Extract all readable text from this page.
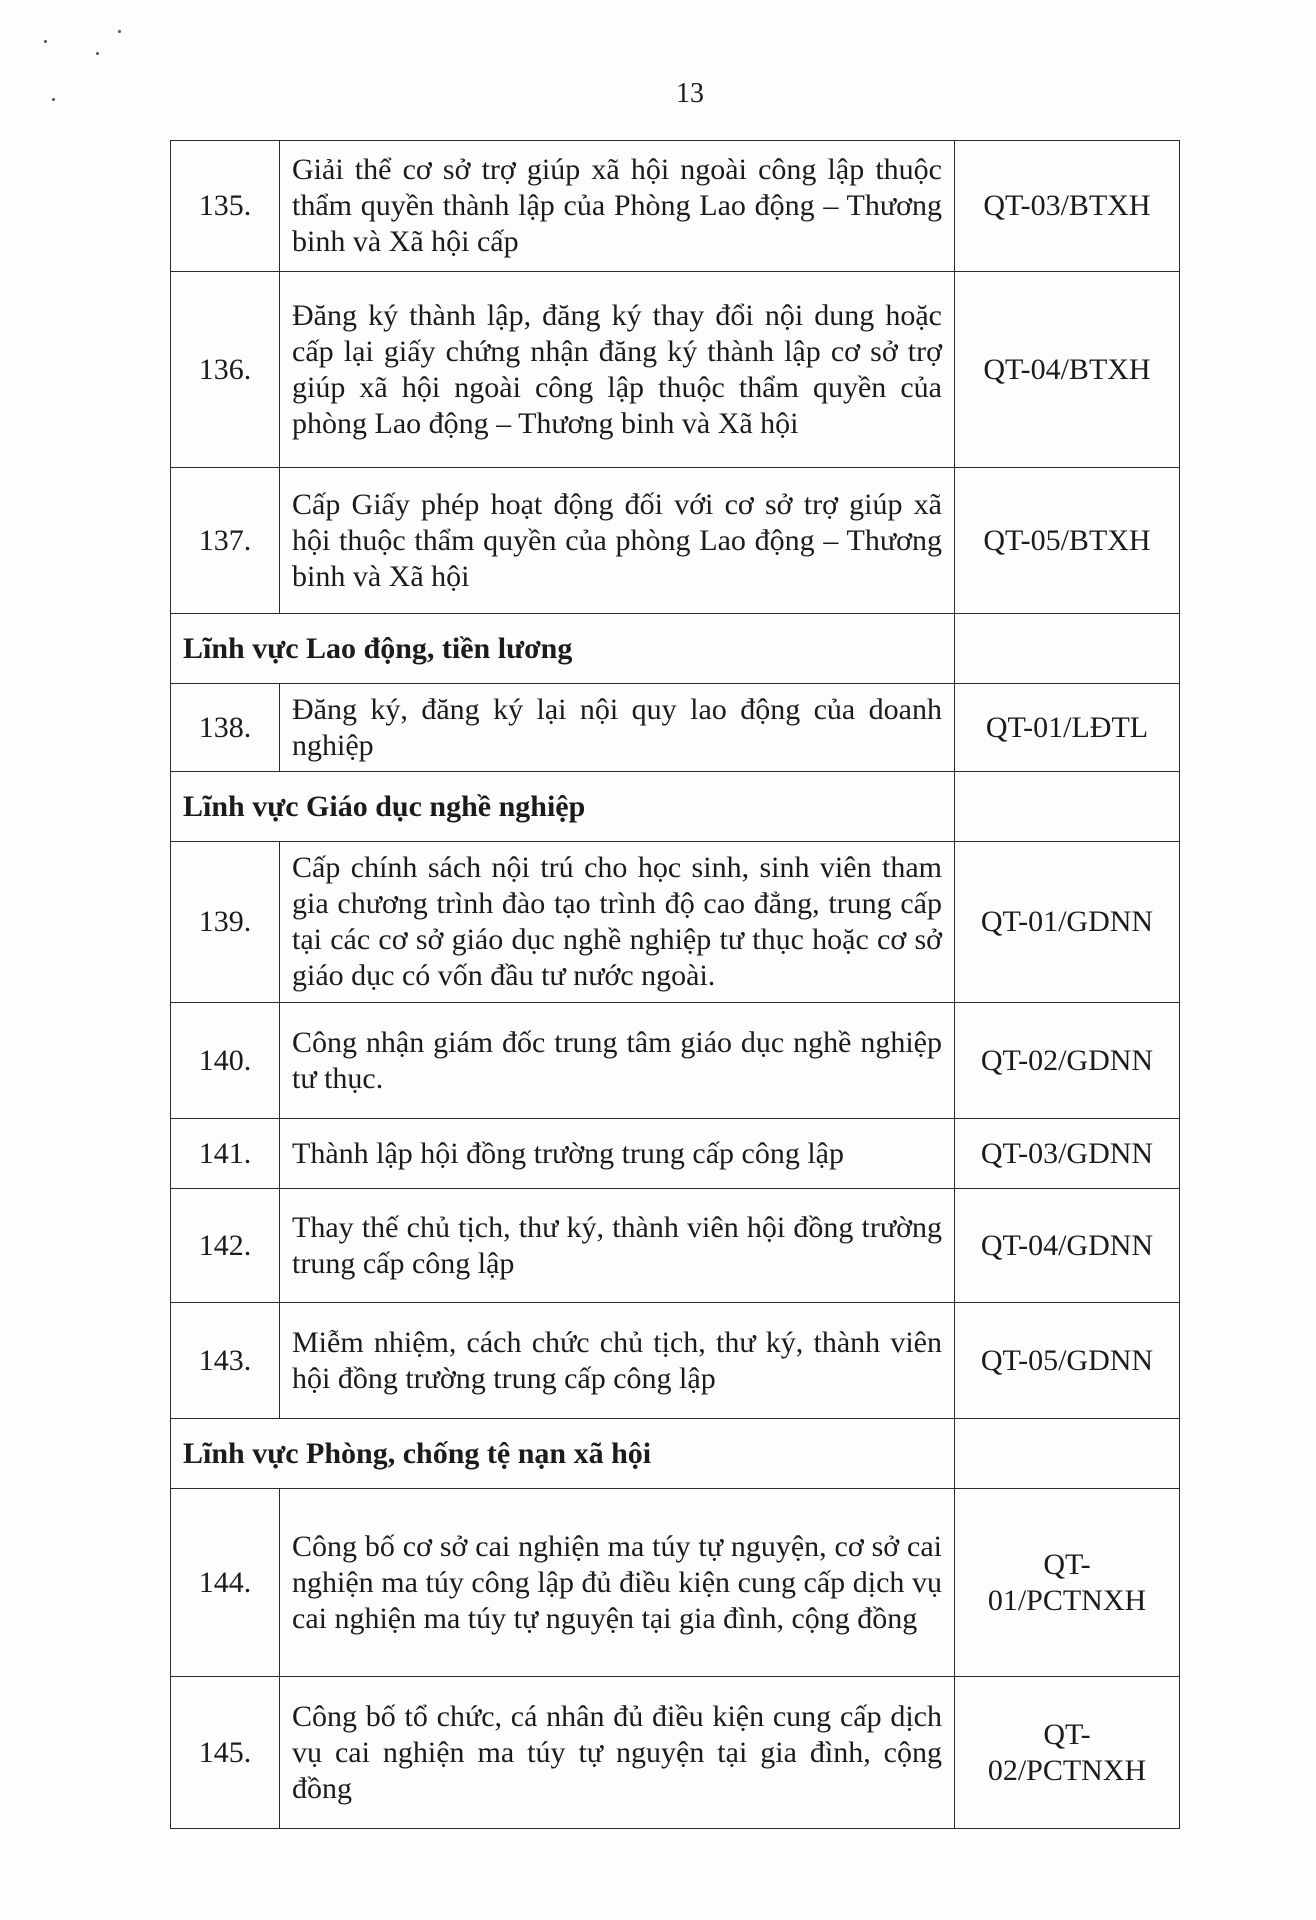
13
135.	Giải thể cơ sở trợ giúp xã hội ngoài công lập thuộc thẩm quyền thành lập của Phòng Lao động – Thương binh và Xã hội cấp	QT-03/BTXH
136.	Đăng ký thành lập, đăng ký thay đổi nội dung hoặc cấp lại giấy chứng nhận đăng ký thành lập cơ sở trợ giúp xã hội ngoài công lập thuộc thẩm quyền của phòng Lao động – Thương binh và Xã hội	QT-04/BTXH
137.	Cấp Giấy phép hoạt động đối với cơ sở trợ giúp xã hội thuộc thẩm quyền của phòng Lao động – Thương binh và Xã hội	QT-05/BTXH
Lĩnh vực Lao động, tiền lương		
138.	Đăng ký, đăng ký lại nội quy lao động của doanh nghiệp	QT-01/LĐTL
Lĩnh vực Giáo dục nghề nghiệp		
139.	Cấp chính sách nội trú cho học sinh, sinh viên tham gia chương trình đào tạo trình độ cao đẳng, trung cấp tại các cơ sở giáo dục nghề nghiệp tư thục hoặc cơ sở giáo dục có vốn đầu tư nước ngoài.	QT-01/GDNN
140.	Công nhận giám đốc trung tâm giáo dục nghề nghiệp tư thục.	QT-02/GDNN
141.	Thành lập hội đồng trường trung cấp công lập	QT-03/GDNN
142.	Thay thế chủ tịch, thư ký, thành viên hội đồng trường trung cấp công lập	QT-04/GDNN
143.	Miễm nhiệm, cách chức chủ tịch, thư ký, thành viên hội đồng trường trung cấp công lập	QT-05/GDNN
Lĩnh vực Phòng, chống tệ nạn xã hội		
144.	Công bố cơ sở cai nghiện ma túy tự nguyện, cơ sở cai nghiện ma túy công lập đủ điều kiện cung cấp dịch vụ cai nghiện ma túy tự nguyện tại gia đình, cộng đồng	QT-01/PCTNXH
145.	Công bố tổ chức, cá nhân đủ điều kiện cung cấp dịch vụ cai nghiện ma túy tự nguyện tại gia đình, cộng đồng	QT-02/PCTNXH
